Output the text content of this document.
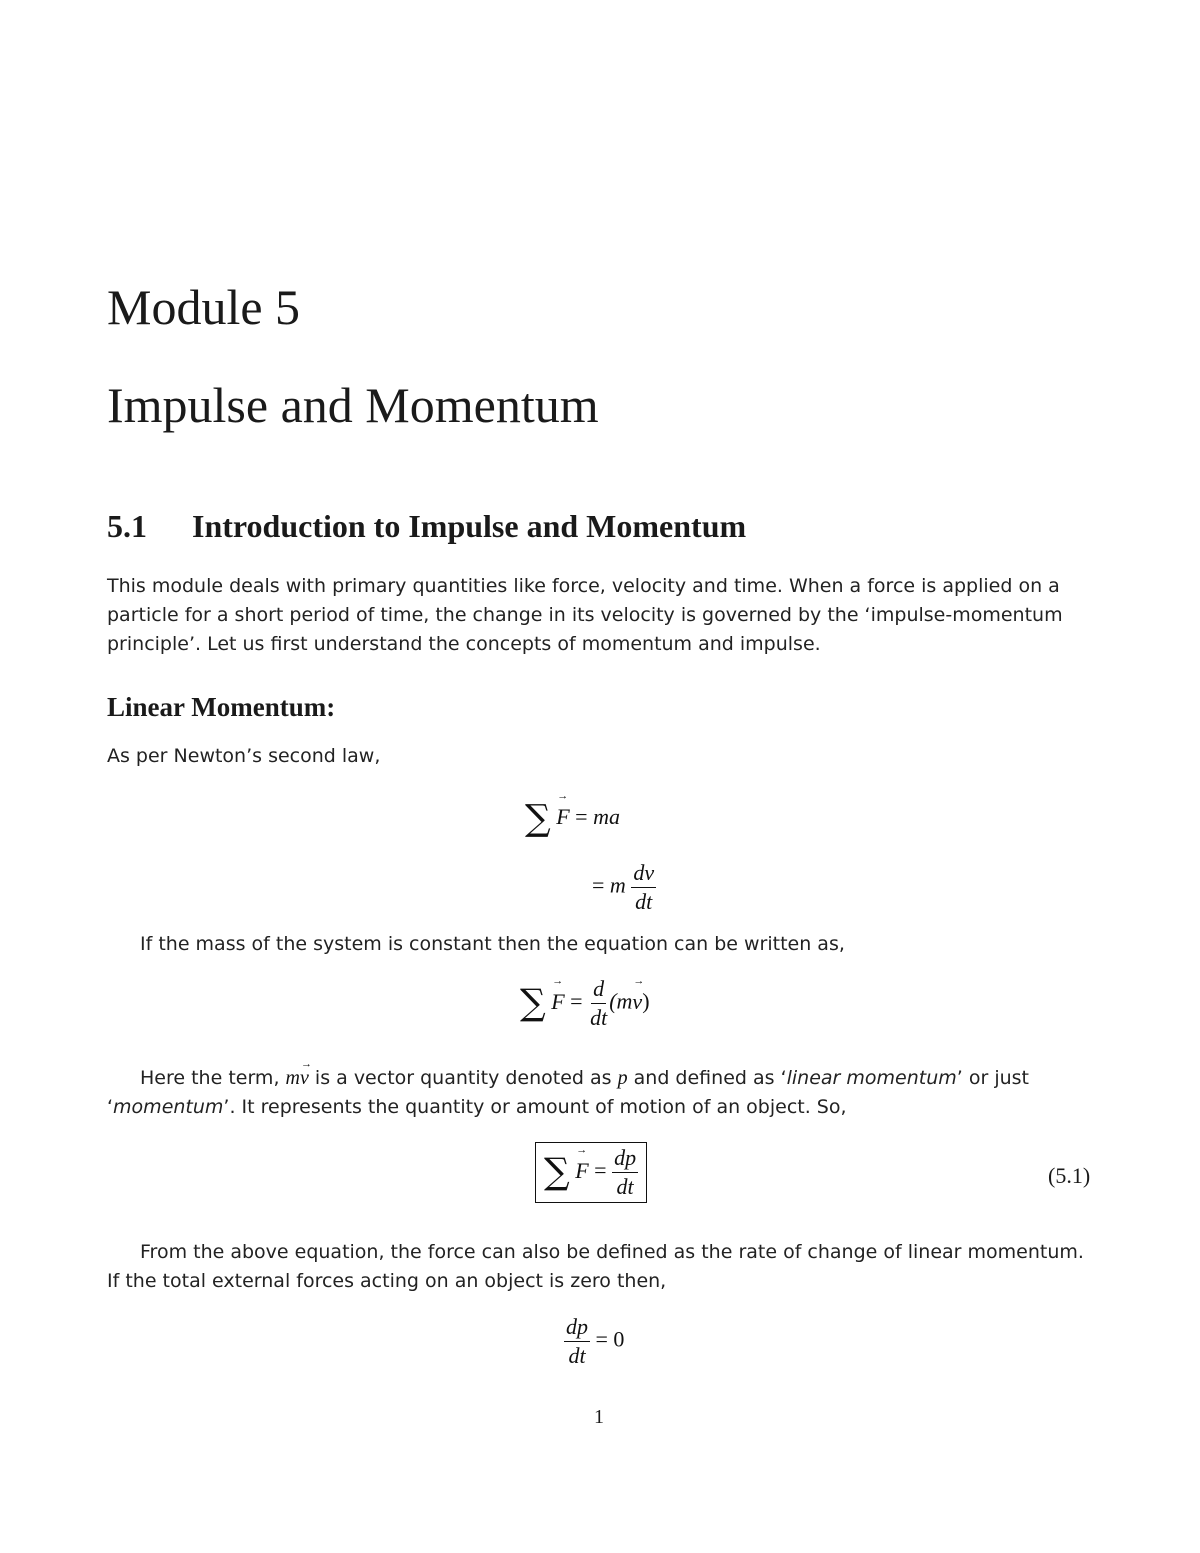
Module 5
Impulse and Momentum
5.1 Introduction to Impulse and Momentum
This module deals with primary quantities like force, velocity and time. When a force is applied on a
particle for a short period of time, the change in its velocity is governed by the ‘impulse-momentum
principle’. Let us first understand the concepts of momentum and impulse.
Linear Momentum:
As per Newton’s second law,
∑ → F = ma
= m $\frac{dv}{dt}$
If the mass of the system is constant then the equation can be written as,
∑ → $F = \frac{d}{dt} (m\to v)$
Here the term, m→ v is a vector quantity denoted as p and defined as ‘linear momentum’ or just
‘momentum’. It represents the quantity or amount of motion of an object. So,
∑ → $F = \frac{dp}{dt}$	(5.1)
From the above equation, the force can also be defined as the rate of change of linear momentum.
If the total external forces acting on an object is zero then,
$\frac{dp}{dt} = 0$
1
